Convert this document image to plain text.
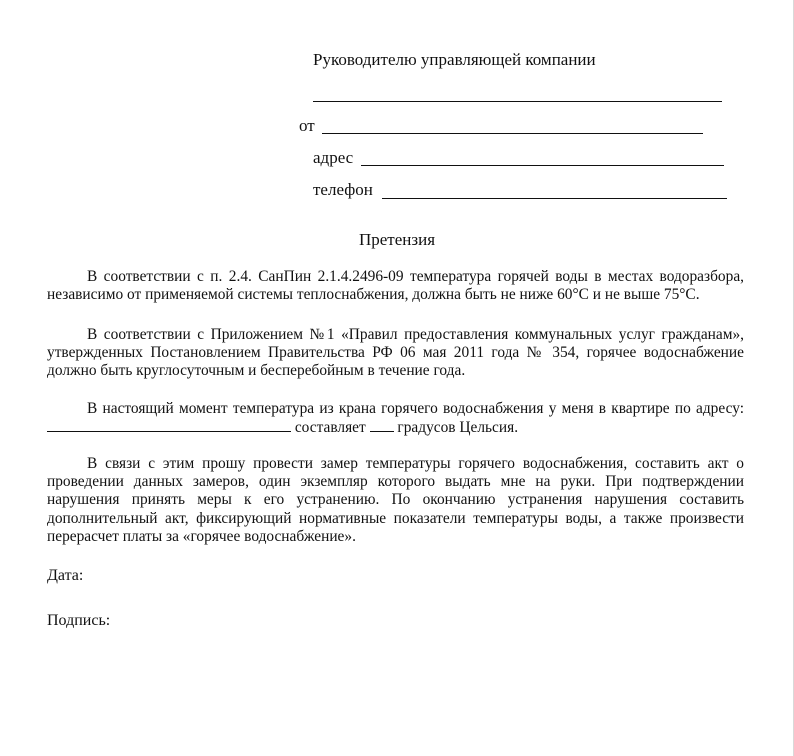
Руководителю управляющей компании
от
адрес
телефон
Претензия
В соответствии с п. 2.4. СанПин 2.1.4.2496-09 температура горячей воды в местах водоразбора, независимо от применяемой системы теплоснабжения, должна быть не ниже 60°С и не выше 75°С.
В соответствии с Приложением №1 «Правил предоставления коммунальных услуг гражданам», утвержденных Постановлением Правительства РФ 06 мая 2011 года № 354, горячее водоснабжение должно быть круглосуточным и бесперебойным в течение года.
В настоящий момент температура из крана горячего водоснабжения у меня в квартире по адресу: составляет  градусов Цельсия.
В связи с этим прошу провести замер температуры горячего водоснабжения, составить акт о проведении данных замеров, один экземпляр которого выдать мне на руки. При подтверждении нарушения принять меры к его устранению. По окончанию устранения нарушения составить дополнительный акт, фиксирующий нормативные показатели температуры воды, а также произвести перерасчет платы за «горячее водоснабжение».
Дата:
Подпись:
